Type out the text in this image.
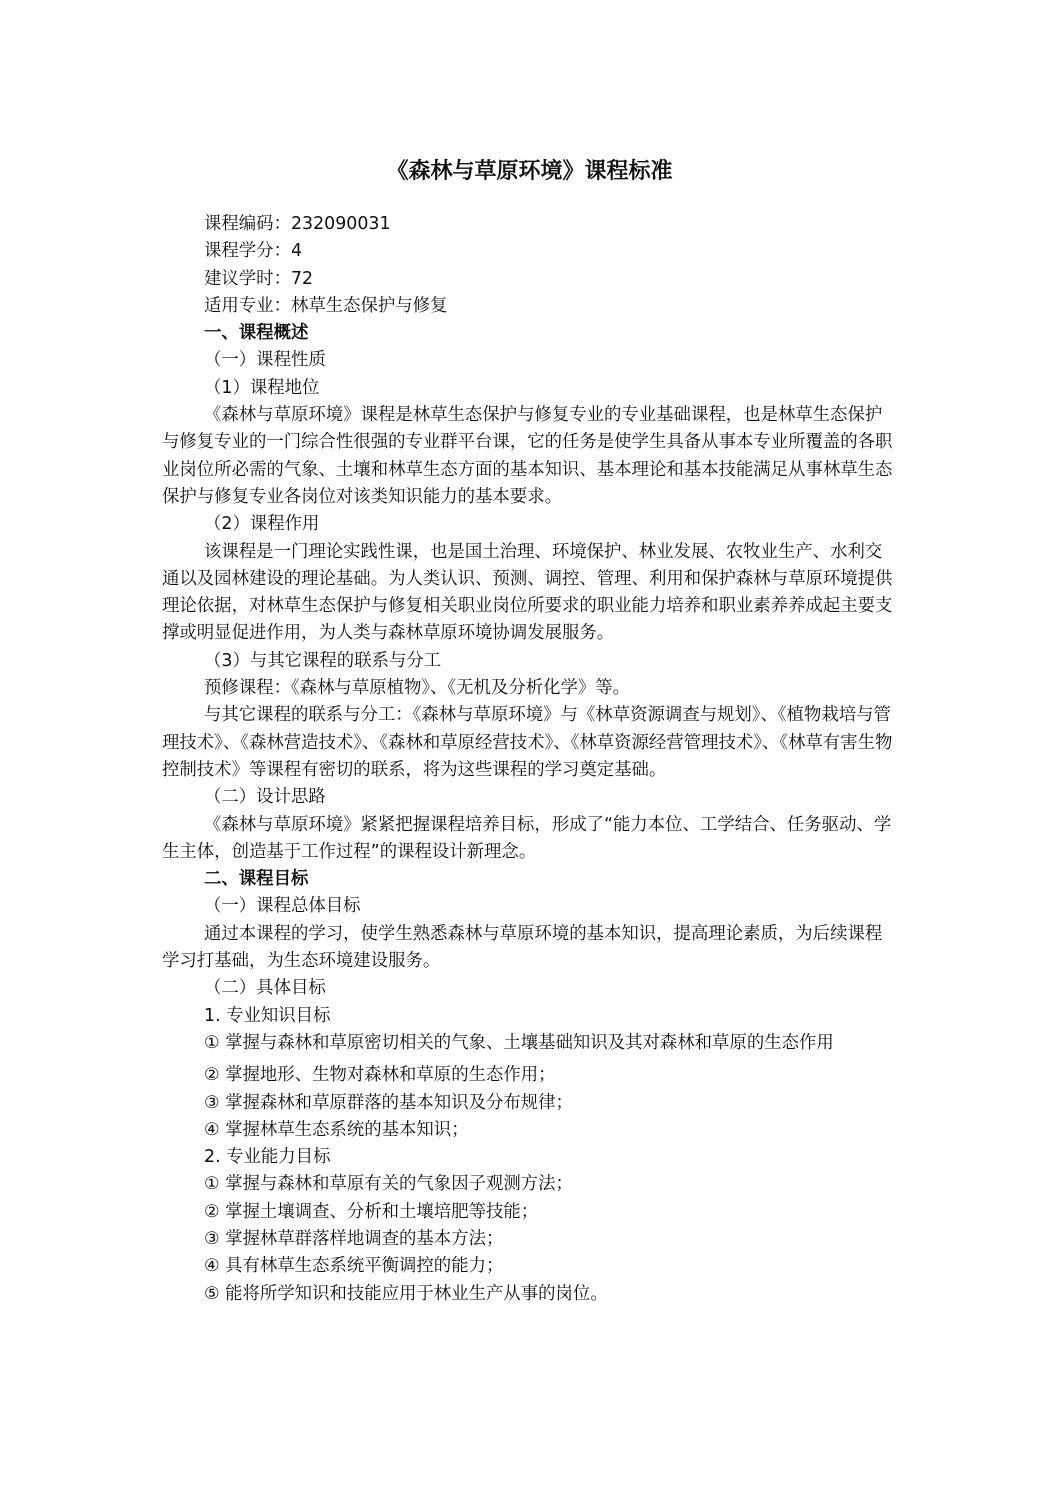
《森林与草原环境》课程标准

课程编码：232090031

课程学分：4

建议学时：72

适用专业：林草生态保护与修复

一、课程概述

（一）课程性质

（1）课程地位

《森林与草原环境》课程是林草生态保护与修复专业的专业基础课程，也是林草生态保护与修复专业的一门综合性很强的专业群平台课，它的任务是使学生具备从事本专业所覆盖的各职业岗位所必需的气象、土壤和林草生态方面的基本知识、基本理论和基本技能满足从事林草生态保护与修复专业各岗位对该类知识能力的基本要求。

（2）课程作用

该课程是一门理论实践性课，也是国土治理、环境保护、林业发展、农牧业生产、水利交通以及园林建设的理论基础。为人类认识、预测、调控、管理、利用和保护森林与草原环境提供理论依据，对林草生态保护与修复相关职业岗位所要求的职业能力培养和职业素养养成起主要支撑或明显促进作用，为人类与森林草原环境协调发展服务。

（3）与其它课程的联系与分工

预修课程：《森林与草原植物》、《无机及分析化学》等。

与其它课程的联系与分工：《森林与草原环境》与《林草资源调查与规划》、《植物栽培与管理技术》、《森林营造技术》、《森林和草原经营技术》、《林草资源经营管理技术》、《林草有害生物控制技术》等课程有密切的联系，将为这些课程的学习奠定基础。

（二）设计思路

《森林与草原环境》紧紧把握课程培养目标，形成了“能力本位、工学结合、任务驱动、学生主体，创造基于工作过程”的课程设计新理念。

二、课程目标

（一）课程总体目标

通过本课程的学习，使学生熟悉森林与草原环境的基本知识，提高理论素质，为后续课程学习打基础，为生态环境建设服务。

（二）具体目标

1. 专业知识目标

① 掌握与森林和草原密切相关的气象、土壤基础知识及其对森林和草原的生态作用

② 掌握地形、生物对森林和草原的生态作用；

③ 掌握森林和草原群落的基本知识及分布规律；

④ 掌握林草生态系统的基本知识；

2. 专业能力目标

① 掌握与森林和草原有关的气象因子观测方法；

② 掌握土壤调查、分析和土壤培肥等技能；

③ 掌握林草群落样地调查的基本方法；

④ 具有林草生态系统平衡调控的能力；

⑤ 能将所学知识和技能应用于林业生产从事的岗位。
